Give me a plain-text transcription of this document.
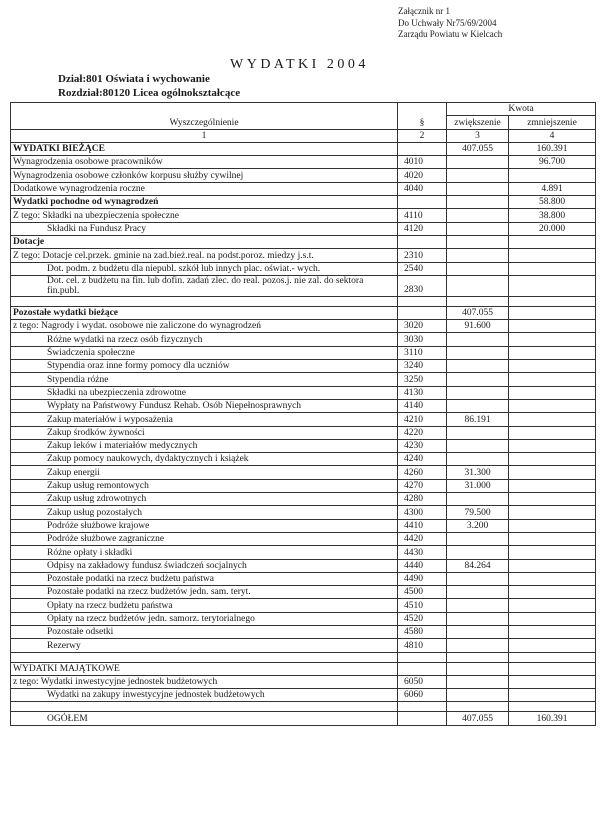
Załącznik nr 1
Do Uchwały Nr75/69/2004
Zarządu Powiatu w Kielcach
WYDATKI 2004
Dział:801 Oświata i wychowanie
Rozdział:80120 Licea ogólnokształcące
Wyszczególnienie	§	Kwota	
		zwiększenie	zmniejszenie
1	2	3	4
WYDATKI BIEŻĄCE		407.055	160.391
Wynagrodzenia osobowe pracowników	4010		96.700
Wynagrodzenia osobowe członków korpusu służby cywilnej	4020		
Dodatkowe wynagrodzenia roczne	4040		4.891
Wydatki pochodne od wynagrodzeń			58.800
Z tego: Składki na ubezpieczenia społeczne	4110		38.800
Składki na Fundusz Pracy	4120		20.000
Dotacje			
Z tego: Dotacje cel.przek. gminie na zad.bież.real. na podst.poroz. miedzy j.s.t.	2310		
Dot. podm. z budżetu dla niepubl. szkół lub innych plac. oświat.- wych.	2540		
Dot. cel. z budżetu na fin. lub dofin. zadań zlec. do real. pozos.j. nie zal. do sektora fin.publ.	2830		

Pozostałe wydatki bieżące		407.055	
z tego: Nagrody i wydat. osobowe nie zaliczone do wynagrodzeń	3020	91.600	
Różne wydatki na rzecz osób fizycznych	3030		
Świadczenia społeczne	3110		
Stypendia oraz inne formy pomocy dla uczniów	3240		
Stypendia różne	3250		
Składki na ubezpieczenia zdrowotne	4130		
Wypłaty na Państwowy Fundusz Rehab. Osób Niepełnosprawnych	4140		
Zakup materiałów i wyposażenia	4210	86.191	
Zakup środków żywności	4220		
Zakup leków i materiałów medycznych	4230		
Zakup pomocy naukowych, dydaktycznych i książek	4240		
Zakup energii	4260	31.300	
Zakup usług remontowych	4270	31.000	
Zakup usług zdrowotnych	4280		
Zakup usług pozostałych	4300	79.500	
Podróże służbowe krajowe	4410	3.200	
Podróże służbowe zagraniczne	4420		
Różne opłaty i składki	4430		
Odpisy na zakładowy fundusz świadczeń socjalnych	4440	84.264	
Pozostałe podatki na rzecz budżetu państwa	4490		
Pozostałe podatki na rzecz budżetów jedn. sam. teryt.	4500		
Opłaty na rzecz budżetu państwa	4510		
Opłaty na rzecz budżetów jedn. samorz. terytorialnego	4520		
Pozostałe odsetki	4580		
Rezerwy	4810		

WYDATKI MAJĄTKOWE			
z tego: Wydatki inwestycyjne jednostek budżetowych	6050		
Wydatki na zakupy inwestycyjne jednostek budżetowych	6060		

OGÓŁEM		407.055	160.391
